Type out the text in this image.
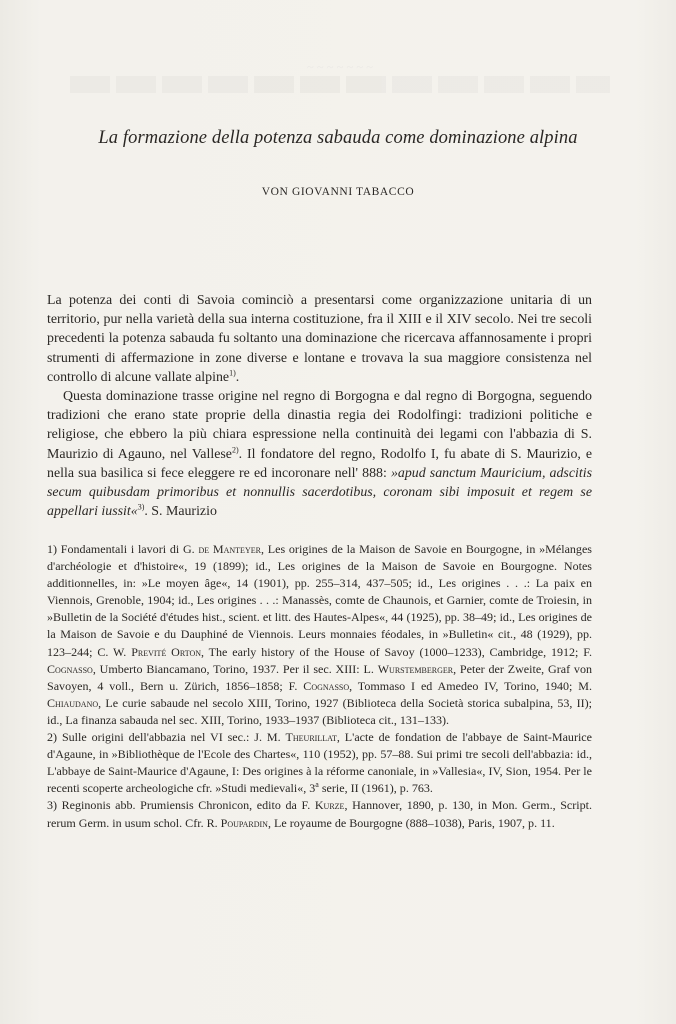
La formazione della potenza sabauda come dominazione alpina
VON GIOVANNI TABACCO

La potenza dei conti di Savoia cominciò a presentarsi come organizzazione unitaria di un territorio, pur nella varietà della sua interna costituzione, fra il XIII e il XIV secolo. Nei tre secoli precedenti la potenza sabauda fu soltanto una dominazione che ricercava affannosamente i propri strumenti di affermazione in zone diverse e lontane e trovava la sua maggiore consistenza nel controllo di alcune vallate alpine$^{1)}$.

Questa dominazione trasse origine nel regno di Borgogna e dal regno di Borgogna, seguendo tradizioni che erano state proprie della dinastia regia dei Rodolfingi: tradizioni politiche e religiose, che ebbero la più chiara espressione nella continuità dei legami con l'abbazia di S. Maurizio di Agauno, nel Vallese$^{2)}$. Il fondatore del regno, Rodolfo I, fu abate di S. Maurizio, e nella sua basilica si fece eleggere re ed incoronare nell' 888: »apud sanctum Mauricium, adscitis secum quibusdam primoribus et nonnullis sacerdotibus, coronam sibi imposuit et regem se appellari iussit«$^{3)}$. S. Maurizio

1) Fondamentali i lavori di G. de Manteyer, Les origines de la Maison de Savoie en Bourgogne, in »Mélanges d'archéologie et d'histoire«, 19 (1899); id., Les origines de la Maison de Savoie en Bourgogne. Notes additionnelles, in: »Le moyen âge«, 14 (1901), pp. 255–314, 437–505; id., Les origines . . .: La paix en Viennois, Grenoble, 1904; id., Les origines . . .: Manassès, comte de Chaunois, et Garnier, comte de Troiesin, in »Bulletin de la Société d'études hist., scient. et litt. des Hautes-Alpes«, 44 (1925), pp. 38–49; id., Les origines de la Maison de Savoie e du Dauphiné de Viennois. Leurs monnaies féodales, in »Bulletin« cit., 48 (1929), pp. 123–244; C. W. Previté Orton, The early history of the House of Savoy (1000–1233), Cambridge, 1912; F. Cognasso, Umberto Biancamano, Torino, 1937. Per il sec. XIII: L. Wurstemberger, Peter der Zweite, Graf von Savoyen, 4 voll., Bern u. Zürich, 1856–1858; F. Cognasso, Tommaso I ed Amedeo IV, Torino, 1940; M. Chiaudano, Le curie sabaude nel secolo XIII, Torino, 1927 (Biblioteca della Società storica subalpina, 53, II); id., La finanza sabauda nel sec. XIII, Torino, 1933–1937 (Biblioteca cit., 131–133).

2) Sulle origini dell'abbazia nel VI sec.: J. M. Theurillat, L'acte de fondation de l'abbaye de Saint-Maurice d'Agaune, in »Bibliothèque de l'Ecole des Chartes«, 110 (1952), pp. 57–88. Sui primi tre secoli dell'abbazia: id., L'abbaye de Saint-Maurice d'Agaune, I: Des origines à la réforme canoniale, in »Vallesia«, IV, Sion, 1954. Per le recenti scoperte archeologiche cfr. »Studi medievali«, 3$^a$ serie, II (1961), p. 763.

3) Reginonis abb. Prumiensis Chronicon, edito da F. Kurze, Hannover, 1890, p. 130, in Mon. Germ., Script. rerum Germ. in usum schol. Cfr. R. Poupardin, Le royaume de Bourgogne (888–1038), Paris, 1907, p. 11.
